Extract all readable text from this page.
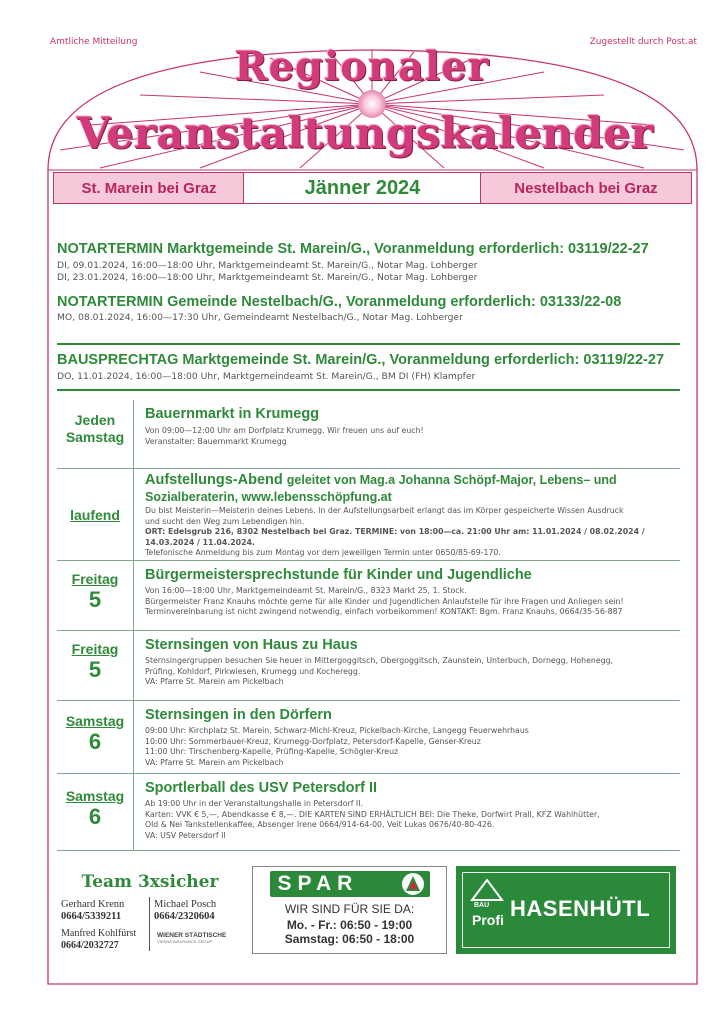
Amtliche Mitteilung	Zugestellt durch Post.at
Regionaler
Veranstaltungskalender
St. Marein bei Graz	Jänner 2024	Nestelbach bei Graz
NOTARTERMIN Marktgemeinde St. Marein/G., Voranmeldung erforderlich: 03119/22-27
DI, 09.01.2024, 16:00—18:00 Uhr, Marktgemeindeamt St. Marein/G., Notar Mag. Lohberger
DI, 23.01.2024, 16:00—18:00 Uhr, Marktgemeindeamt St. Marein/G., Notar Mag. Lohberger
NOTARTERMIN Gemeinde Nestelbach/G., Voranmeldung erforderlich: 03133/22-08
MO, 08.01.2024, 16:00—17:30 Uhr, Gemeindeamt Nestelbach/G., Notar Mag. Lohberger
BAUSPRECHTAG Marktgemeinde St. Marein/G., Voranmeldung erforderlich: 03119/22-27
DO, 11.01.2024, 16:00—18:00 Uhr, Marktgemeindeamt St. Marein/G., BM DI (FH) Klampfer
Jeden Samstag
Bauernmarkt in Krumegg
Von 09:00—12:00 Uhr am Dorfplatz Krumegg. Wir freuen uns auf euch!
Veranstalter: Bauernmarkt Krumegg
laufend
Aufstellungs-Abend geleitet von Mag.a Johanna Schöpf-Major, Lebens– und
Sozialberaterin, www.lebensschöpfung.at
Du bist Meisterin—Meisterin deines Lebens. In der Aufstellungsarbeit erlangt das im Körper gespeicherte Wissen Ausdruck
und sucht den Weg zum Lebendigen hin.
ORT: Edelsgrub 216, 8302 Nestelbach bei Graz. TERMINE: von 18:00—ca. 21:00 Uhr am: 11.01.2024 / 08.02.2024 /
14.03.2024 / 11.04.2024.
Telefonische Anmeldung bis zum Montag vor dem jeweiligen Termin unter 0650/85-69-170.
Freitag
5
Bürgermeistersprechstunde für Kinder und Jugendliche
Von 16:00—18:00 Uhr, Marktgemeindeamt St. Marein/G., 8323 Markt 25, 1. Stock.
Bürgermeister Franz Knauhs möchte gerne für alle Kinder und Jugendlichen Anlaufstelle für ihre Fragen und Anliegen sein!
Terminvereinbarung ist nicht zwingend notwendig, einfach vorbeikommen! KONTAKT: Bgm. Franz Knauhs, 0664/35-56-887
Freitag
5
Sternsingen von Haus zu Haus
Sternsingergruppen besuchen Sie heuer in Mittergoggitsch, Obergoggitsch, Zaunstein, Unterbuch, Dornegg, Hohenegg,
Prüfing, Kohldorf, Pirkwiesen, Krumegg und Kocheregg.
VA: Pfarre St. Marein am Pickelbach
Samstag
6
Sternsingen in den Dörfern
09:00 Uhr: Kirchplatz St. Marein, Schwarz-Michl-Kreuz, Pickelbach-Kirche, Langegg Feuerwehrhaus
10:00 Uhr: Sommerbauer-Kreuz, Krumegg-Dorfplatz, Petersdorf-Kapelle, Genser-Kreuz
11:00 Uhr: Tirschenberg-Kapelle, Prüfing-Kapelle, Schögler-Kreuz
VA: Pfarre St. Marein am Pickelbach
Samstag
6
Sportlerball des USV Petersdorf II
Ab 19:00 Uhr in der Veranstaltungshalle in Petersdorf II.
Karten: VVK € 5,—, Abendkasse € 8,—. DIE KARTEN SIND ERHÄLTLICH BEI: Die Theke, Dorfwirt Prall, KFZ Wahlhütter,
Old & Nei Tankstellenkaffee, Absenger Irene 0664/914-64-00, Veit Lukas 0676/40-80-426.
VA: USV Petersdorf II
Team 3xsicher
Gerhard Krenn
0664/5339211
Michael Posch
0664/2320604
Manfred Kohlfürst
0664/2032727
WIENER STÄDTISCHE
VIENNA INSURANCE GROUP
SPAR
WIR SIND FÜR SIE DA:
Mo. - Fr.: 06:50 - 19:00
Samstag: 06:50 - 18:00
BAU
Profi HASENHÜTL
